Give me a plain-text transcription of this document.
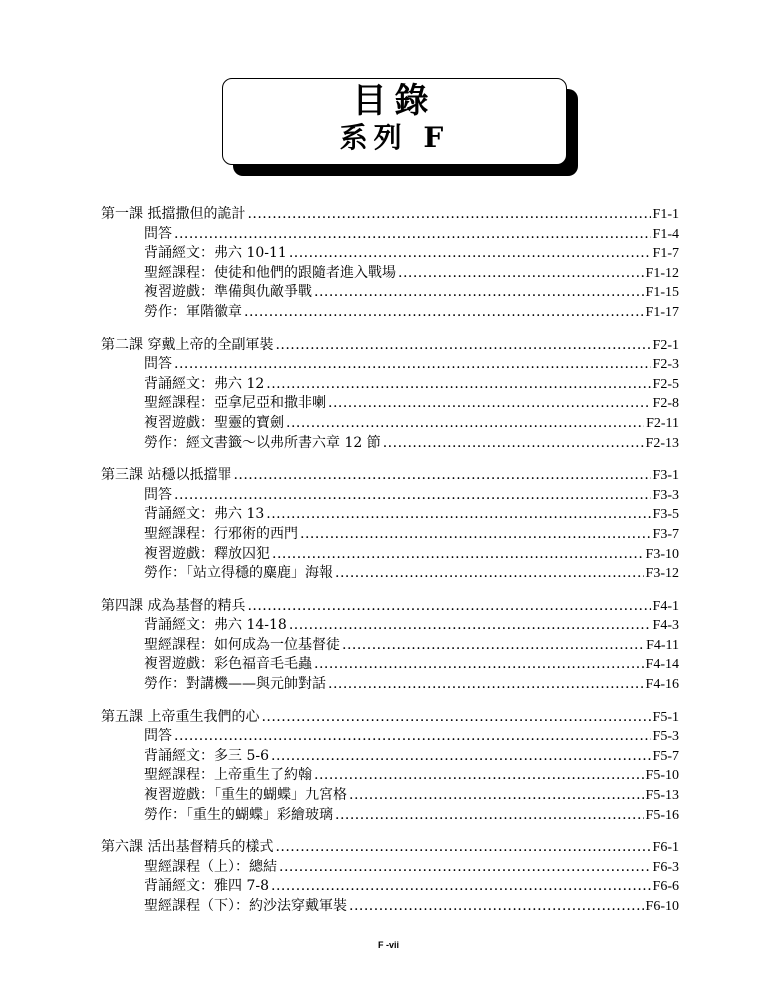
目錄
系列 F
第一課 抵擋撒但的詭計 .....	F1-1
問答 .....	F1-4
背誦經文：弗六 10-11 .....	F1-7
聖經課程：使徒和他們的跟隨者進入戰場 .....	F1-12
複習遊戲：準備與仇敵爭戰 .....	F1-15
勞作：軍階徽章 .....	F1-17
第二課 穿戴上帝的全副軍裝 .....	F2-1
問答 .....	F2-3
背誦經文：弗六 12 .....	F2-5
聖經課程：亞拿尼亞和撒非喇 .....	F2-8
複習遊戲：聖靈的寶劍 .....	F2-11
勞作：經文書籤～以弗所書六章 12 節 .....	F2-13
第三課 站穩以抵擋罪 .....	F3-1
問答 .....	F3-3
背誦經文：弗六 13 .....	F3-5
聖經課程：行邪術的西門 .....	F3-7
複習遊戲：釋放囚犯 .....	F3-10
勞作：「站立得穩的麋鹿」海報 .....	F3-12
第四課 成為基督的精兵 .....	F4-1
背誦經文：弗六 14-18 .....	F4-3
聖經課程：如何成為一位基督徒 .....	F4-11
複習遊戲：彩色福音毛毛蟲 .....	F4-14
勞作：對講機——與元帥對話 .....	F4-16
第五課 上帝重生我們的心 .....	F5-1
問答 .....	F5-3
背誦經文：多三 5-6 .....	F5-7
聖經課程：上帝重生了約翰 .....	F5-10
複習遊戲：「重生的蝴蝶」九宮格 .....	F5-13
勞作：「重生的蝴蝶」彩繪玻璃 .....	F5-16
第六課 活出基督精兵的樣式 .....	F6-1
聖經課程（上）：總結 .....	F6-3
背誦經文：雅四 7-8 .....	F6-6
聖經課程（下）：約沙法穿戴軍裝 .....	F6-10
F -vii
